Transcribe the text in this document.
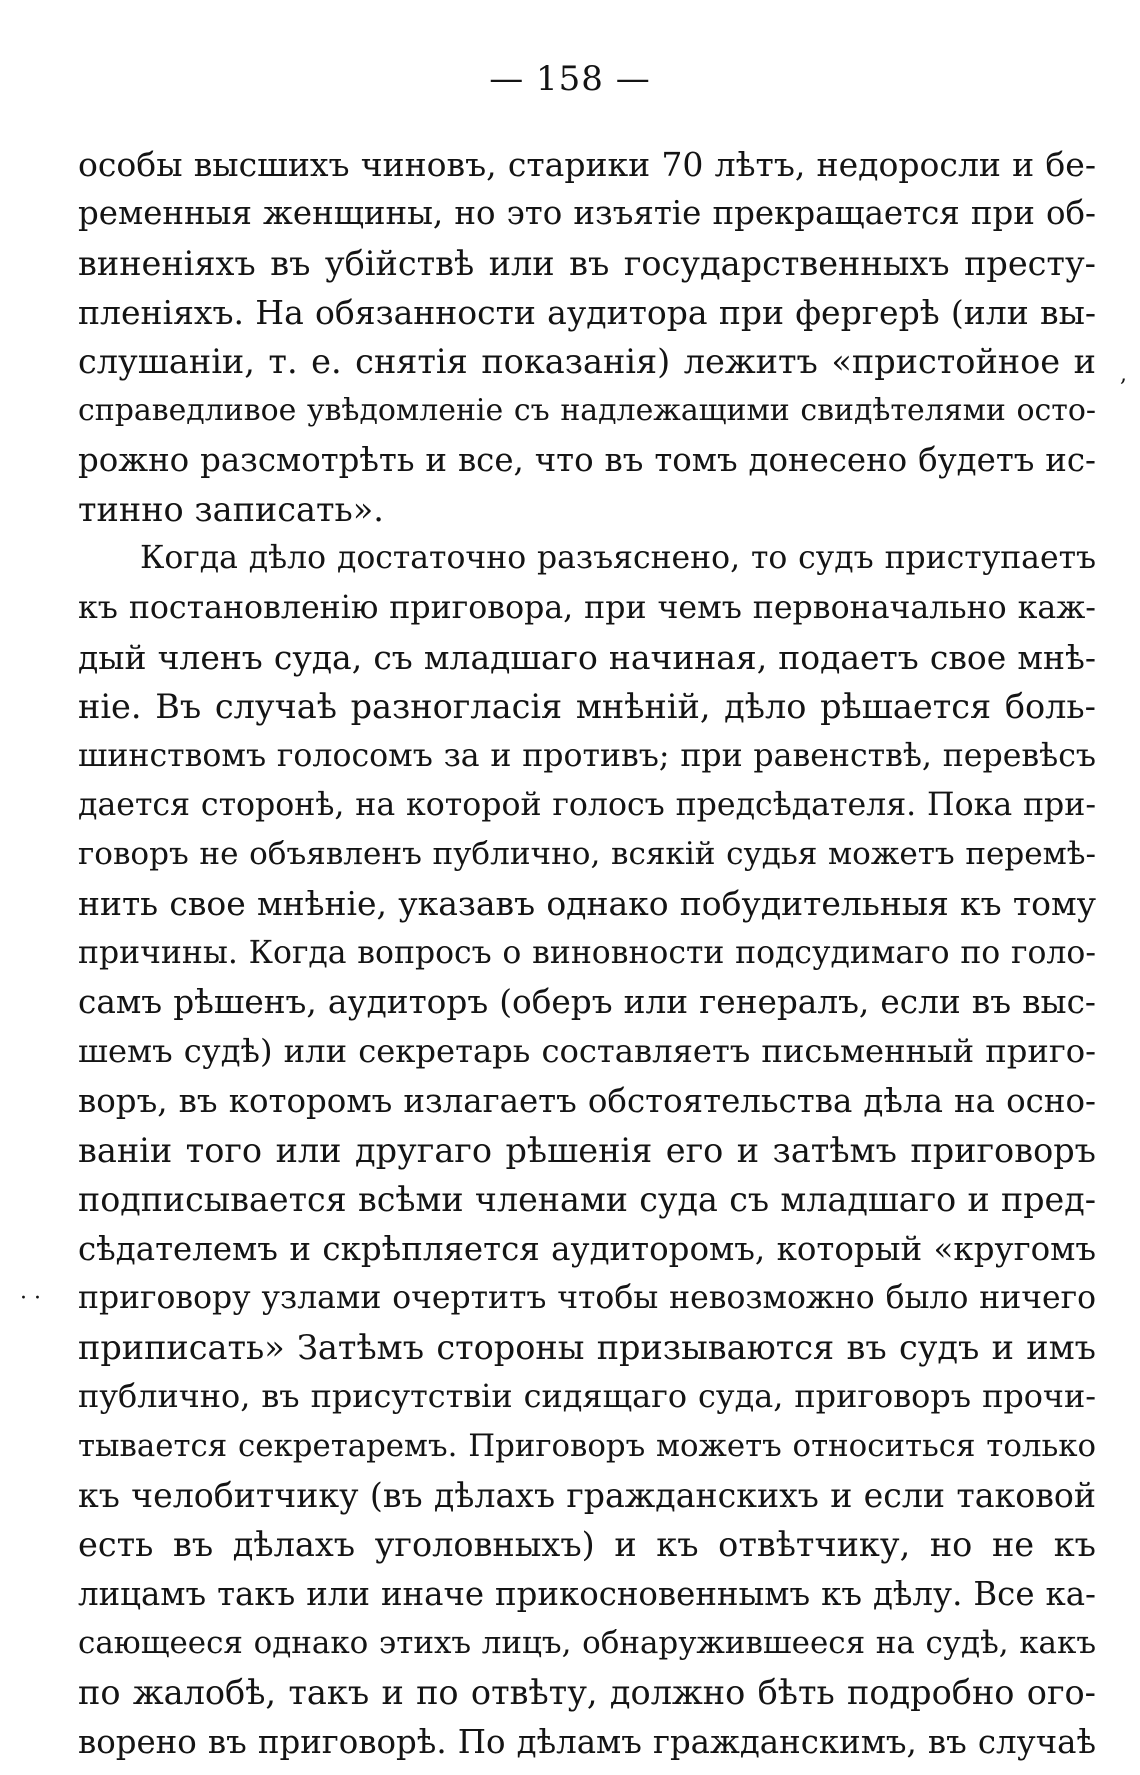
— 158 —
особы высшихъ чиновъ, старики 70 лѣтъ, недоросли и бе-
ременныя женщины, но это изъятіе прекращается при об-
виненіяхъ въ убійствѣ или въ государственныхъ престу-
пленіяхъ. На обязанности аудитора при фергерѣ (или вы-
слушаніи, т. е. снятія показанія) лежитъ «пристойное и
справедливое увѣдомленіе съ надлежащими свидѣтелями осто-
рожно разсмотрѣть и все, что въ томъ донесено будетъ ис-
тинно записать».
Когда дѣло достаточно разъяснено, то судъ приступаетъ
къ постановленію приговора, при чемъ первоначально каж-
дый членъ суда, съ младшаго начиная, подаетъ свое мнѣ-
ніе. Въ случаѣ разногласія мнѣній, дѣло рѣшается боль-
шинствомъ голосомъ за и противъ; при равенствѣ, перевѣсъ
дается сторонѣ, на которой голосъ предсѣдателя. Пока при-
говоръ не объявленъ публично, всякій судья можетъ перемѣ-
нить свое мнѣніе, указавъ однако побудительныя къ тому
причины. Когда вопросъ о виновности подсудимаго по голо-
самъ рѣшенъ, аудиторъ (оберъ или генералъ, если въ выс-
шемъ судѣ) или секретарь составляетъ письменный приго-
воръ, въ которомъ излагаетъ обстоятельства дѣла на осно-
ваніи того или другаго рѣшенія его и затѣмъ приговоръ
подписывается всѣми членами суда съ младшаго и пред-
сѣдателемъ и скрѣпляется аудиторомъ, который «кругомъ
приговору узлами очертитъ чтобы невозможно было ничего
приписать» Затѣмъ стороны призываются въ судъ и имъ
публично, въ присутствіи сидящаго суда, приговоръ прочи-
тывается секретаремъ. Приговоръ можетъ относиться только
къ челобитчику (въ дѣлахъ гражданскихъ и если таковой
есть въ дѣлахъ уголовныхъ) и къ отвѣтчику, но не къ
лицамъ такъ или иначе прикосновеннымъ къ дѣлу. Все ка-
сающееся однако этихъ лицъ, обнаружившееся на судѣ, какъ
по жалобѣ, такъ и по отвѣту, должно бѣть подробно ого-
ворено въ приговорѣ. По дѣламъ гражданскимъ, въ случаѣ
,
· ·
